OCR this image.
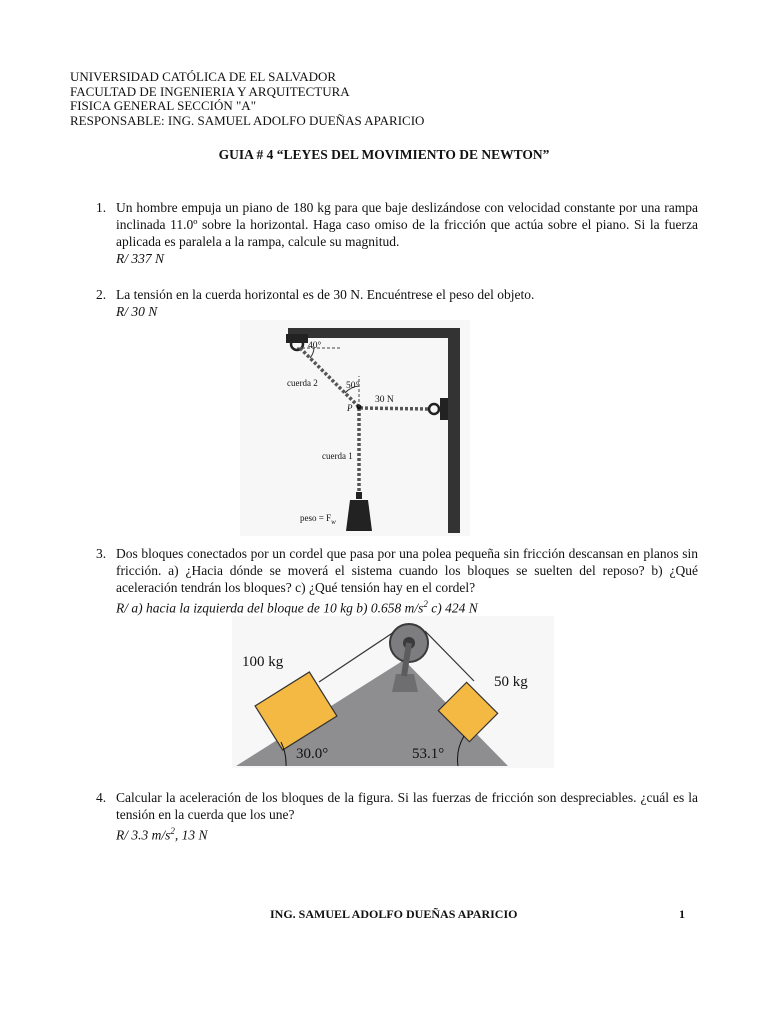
UNIVERSIDAD CATÓLICA DE EL SALVADOR
FACULTAD DE INGENIERIA Y ARQUITECTURA
FISICA GENERAL SECCIÓN "A"
RESPONSABLE: ING. SAMUEL ADOLFO DUEÑAS APARICIO
GUIA # 4 “LEYES DEL MOVIMIENTO DE NEWTON”
1. Un hombre empuja un piano de 180 kg para que baje deslizándose con velocidad constante por una rampa inclinada 11.0º sobre la horizontal. Haga caso omiso de la fricción que actúa sobre el piano. Si la fuerza aplicada es paralela a la rampa, calcule su magnitud.
R/ 337 N
2. La tensión en la cuerda horizontal es de 30 N. Encuéntrese el peso del objeto.
R/ 30 N
40°
50°
cuerda 2
cuerda 1
P
30 N
peso = $F_w$
3. Dos bloques conectados por un cordel que pasa por una polea pequeña sin fricción descansan en planos sin fricción. a) ¿Hacia dónde se moverá el sistema cuando los bloques se suelten del reposo? b) ¿Qué aceleración tendrán los bloques? c) ¿Qué tensión hay en el cordel?
R/ a) hacia la izquierda del bloque de 10 kg b) 0.658 $m/s^2$ c) 424 N
100 kg
50 kg
30.0°	53.1°
4. Calcular la aceleración de los bloques de la figura. Si las fuerzas de fricción son despreciables. ¿cuál es la tensión en la cuerda que los une?
R/ 3.3 $m/s^2$, 13 N
ING. SAMUEL ADOLFO DUEÑAS APARICIO	1
